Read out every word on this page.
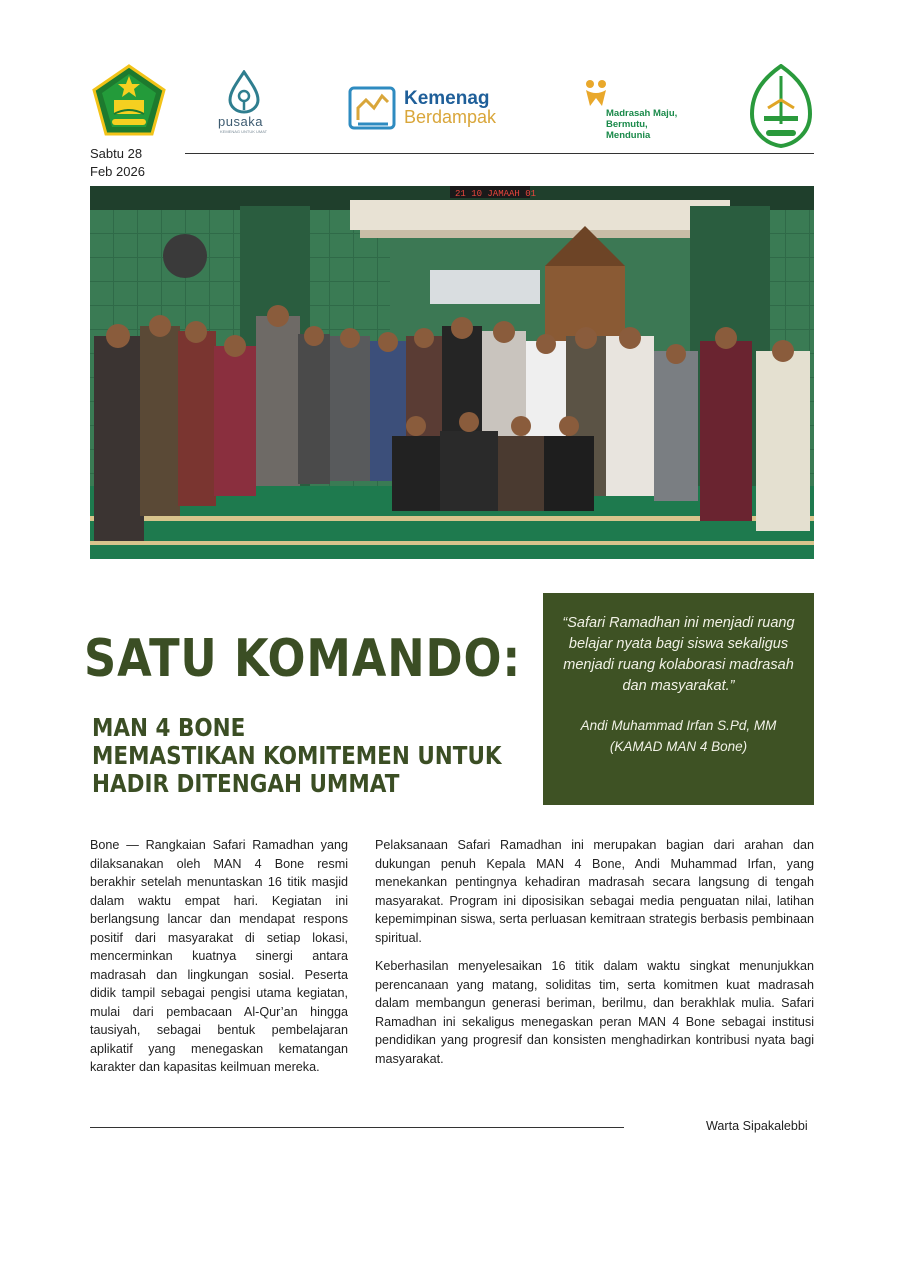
pusaka
KEMENAG UNTUK UMAT
Kemenag
Berdampak	Madrasah Maju,
Bermutu,
Mendunia
Sabtu 28
Feb 2026
21 10 JAMAAH 01
SATU KOMANDO:
MAN 4 BONE
MEMASTIKAN KOMITEMEN UNTUK
HADIR DITENGAH UMMAT
“Safari Ramadhan ini menjadi ruang belajar nyata bagi siswa sekaligus menjadi ruang kolaborasi madrasah dan masyarakat.”
Andi Muhammad Irfan S.Pd, MM
(KAMAD MAN 4 Bone)

Bone — Rangkaian Safari Ramadhan yang dilaksanakan oleh MAN 4 Bone resmi berakhir setelah menuntaskan 16 titik masjid dalam waktu empat hari. Kegiatan ini berlangsung lancar dan mendapat respons positif dari masyarakat di setiap lokasi, mencerminkan kuatnya sinergi antara madrasah dan lingkungan sosial. Peserta didik tampil sebagai pengisi utama kegiatan, mulai dari pembacaan Al-Qur’an hingga tausiyah, sebagai bentuk pembelajaran aplikatif yang menegaskan kematangan karakter dan kapasitas keilmuan mereka.

Pelaksanaan Safari Ramadhan ini merupakan bagian dari arahan dan dukungan penuh Kepala MAN 4 Bone, Andi Muhammad Irfan, yang menekankan pentingnya kehadiran madrasah secara langsung di tengah masyarakat. Program ini diposisikan sebagai media penguatan nilai, latihan kepemimpinan siswa, serta perluasan kemitraan strategis berbasis pembinaan spiritual.

Keberhasilan menyelesaikan 16 titik dalam waktu singkat menunjukkan perencanaan yang matang, soliditas tim, serta komitmen kuat madrasah dalam membangun generasi beriman, berilmu, dan berakhlak mulia. Safari Ramadhan ini sekaligus menegaskan peran MAN 4 Bone sebagai institusi pendidikan yang progresif dan konsisten menghadirkan kontribusi nyata bagi masyarakat.

Warta Sipakalebbi
